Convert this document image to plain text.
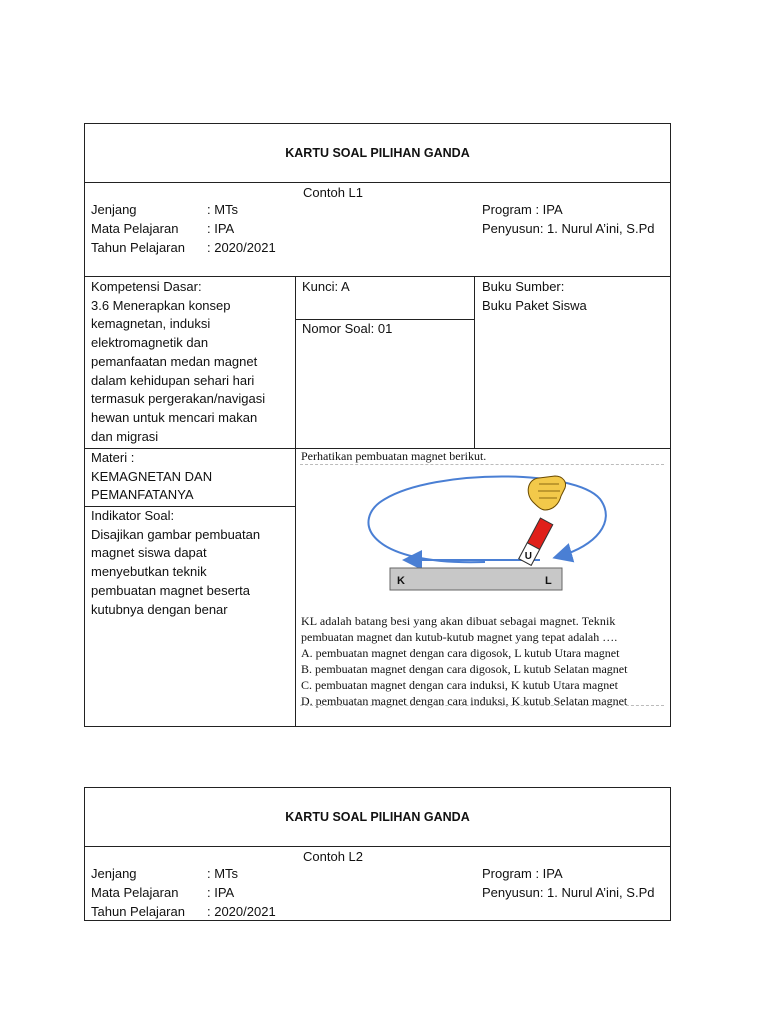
KARTU SOAL PILIHAN GANDA
Contoh L1
Jenjang	: MTs
Mata Pelajaran : IPA
Tahun Pelajaran : 2020/2021
Program : IPA
Penyusun: 1. Nurul A’ini, S.Pd
Kompetensi Dasar:
3.6 Menerapkan konsep
kemagnetan, induksi
elektromagnetik dan
pemanfaatan medan magnet
dalam kehidupan sehari hari
termasuk pergerakan/navigasi
hewan untuk mencari makan
dan migrasi
Kunci: A
Nomor Soal: 01
Buku Sumber:
Buku Paket Siswa
Materi :
KEMAGNETAN DAN
PEMANFATANYA
Indikator Soal:
Disajikan gambar pembuatan
magnet siswa dapat
menyebutkan teknik
pembuatan magnet beserta
kutubnya dengan benar
Perhatikan pembuatan magnet berikut.
K	L
U
KL adalah batang besi yang akan dibuat sebagai magnet. Teknik
pembuatan magnet dan kutub-kutub magnet yang tepat adalah ….
A. pembuatan magnet dengan cara digosok, L kutub Utara magnet
B. pembuatan magnet dengan cara digosok, L kutub Selatan magnet
C. pembuatan magnet dengan cara induksi, K kutub Utara magnet
D. pembuatan magnet dengan cara induksi, K kutub Selatan magnet
KARTU SOAL PILIHAN GANDA
Contoh L2
Jenjang	: MTs
Mata Pelajaran : IPA
Tahun Pelajaran : 2020/2021
Program : IPA
Penyusun: 1. Nurul A’ini, S.Pd
